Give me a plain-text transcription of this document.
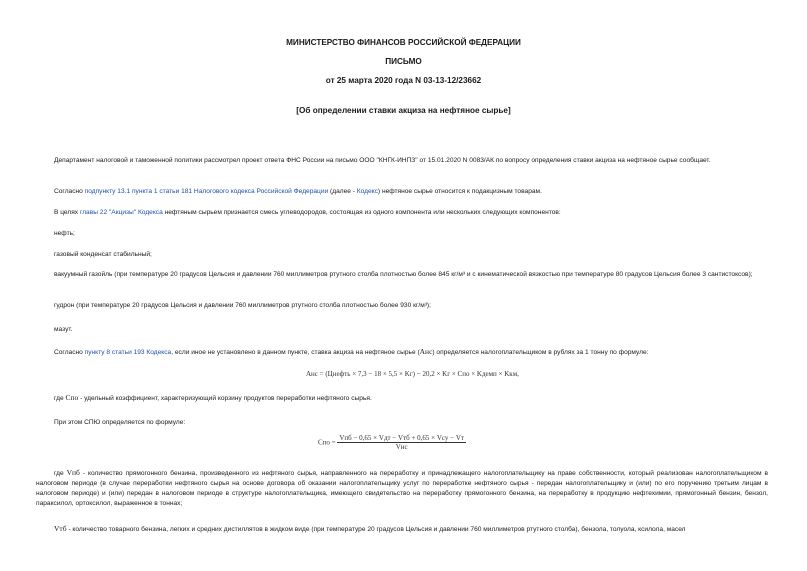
МИНИСТЕРСТВО ФИНАНСОВ РОССИЙСКОЙ ФЕДЕРАЦИИ
ПИСЬМО
от 25 марта 2020 года N 03-13-12/23662
[Об определении ставки акциза на нефтяное сырье]
Департамент налоговой и таможенной политики рассмотрел проект ответа ФНС России на письмо ООО "КНГК-ИНПЗ" от 15.01.2020 N 0083/АК по вопросу определения ставки акциза на нефтяное сырье сообщает.
Согласно подпункту 13.1 пункта 1 статьи 181 Налогового кодекса Российской Федерации (далее - Кодекс) нефтяное сырье относится к подакцизным товарам.
В целях главы 22 "Акцизы" Кодекса нефтяным сырьем признается смесь углеводородов, состоящая из одного компонента или нескольких следующих компонентов:
нефть;
газовый конденсат стабильный;
вакуумный газойль (при температуре 20 градусов Цельсия и давлении 760 миллиметров ртутного столба плотностью более 845 кг/м³ и с кинематической вязкостью при температуре 80 градусов Цельсия более 3 сантистоксов);
гудрон (при температуре 20 градусов Цельсия и давлении 760 миллиметров ртутного столба плотностью более 930 кг/м³);
мазут.
Согласно пункту 8 статьи 193 Кодекса, если иное не установлено в данном пункте, ставка акциза на нефтяное сырье (Aнс) определяется налогоплательщиком в рублях за 1 тонну по формуле:
Aнс = (Цнефть × 7,3 − 18 × 5,5 × Kг) − 20,2 × Kг × Cпо × Kдемп × Kкм,
где Cпо - удельный коэффициент, характеризующий корзину продуктов переработки нефтяного сырья.
При этом СПЮ определяется по формуле:
Cпо = $\frac{\text{Vпб − 0,65 × Vдт − Vтб + 0,65 × Vсу − Vт}}{\text{Vнс}}$
где Vпб - количество прямогонного бензина, произведенного из нефтяного сырья, направленного на переработку и принадлежащего налогоплательщику на праве собственности, который реализован налогоплательщиком в налоговом периоде (в случае переработки нефтяного сырья на основе договора об оказании налогоплательщику услуг по переработке нефтяного сырья - передан налогоплательщику и (или) по его поручению третьим лицам в налоговом периоде) и (или) передан в налоговом периоде в структуре налогоплательщика, имеющего свидетельство на переработку прямогонного бензина, на переработку в продукцию нефтехимии, прямогонный бензин, бензол, параксилол, ортоксилол, выраженное в тоннах;
Vтб - количество товарного бензина, легких и средних дистиллятов в жидком виде (при температуре 20 градусов Цельсия и давлении 760 миллиметров ртутного столба), бензола, толуола, ксилола, масел
